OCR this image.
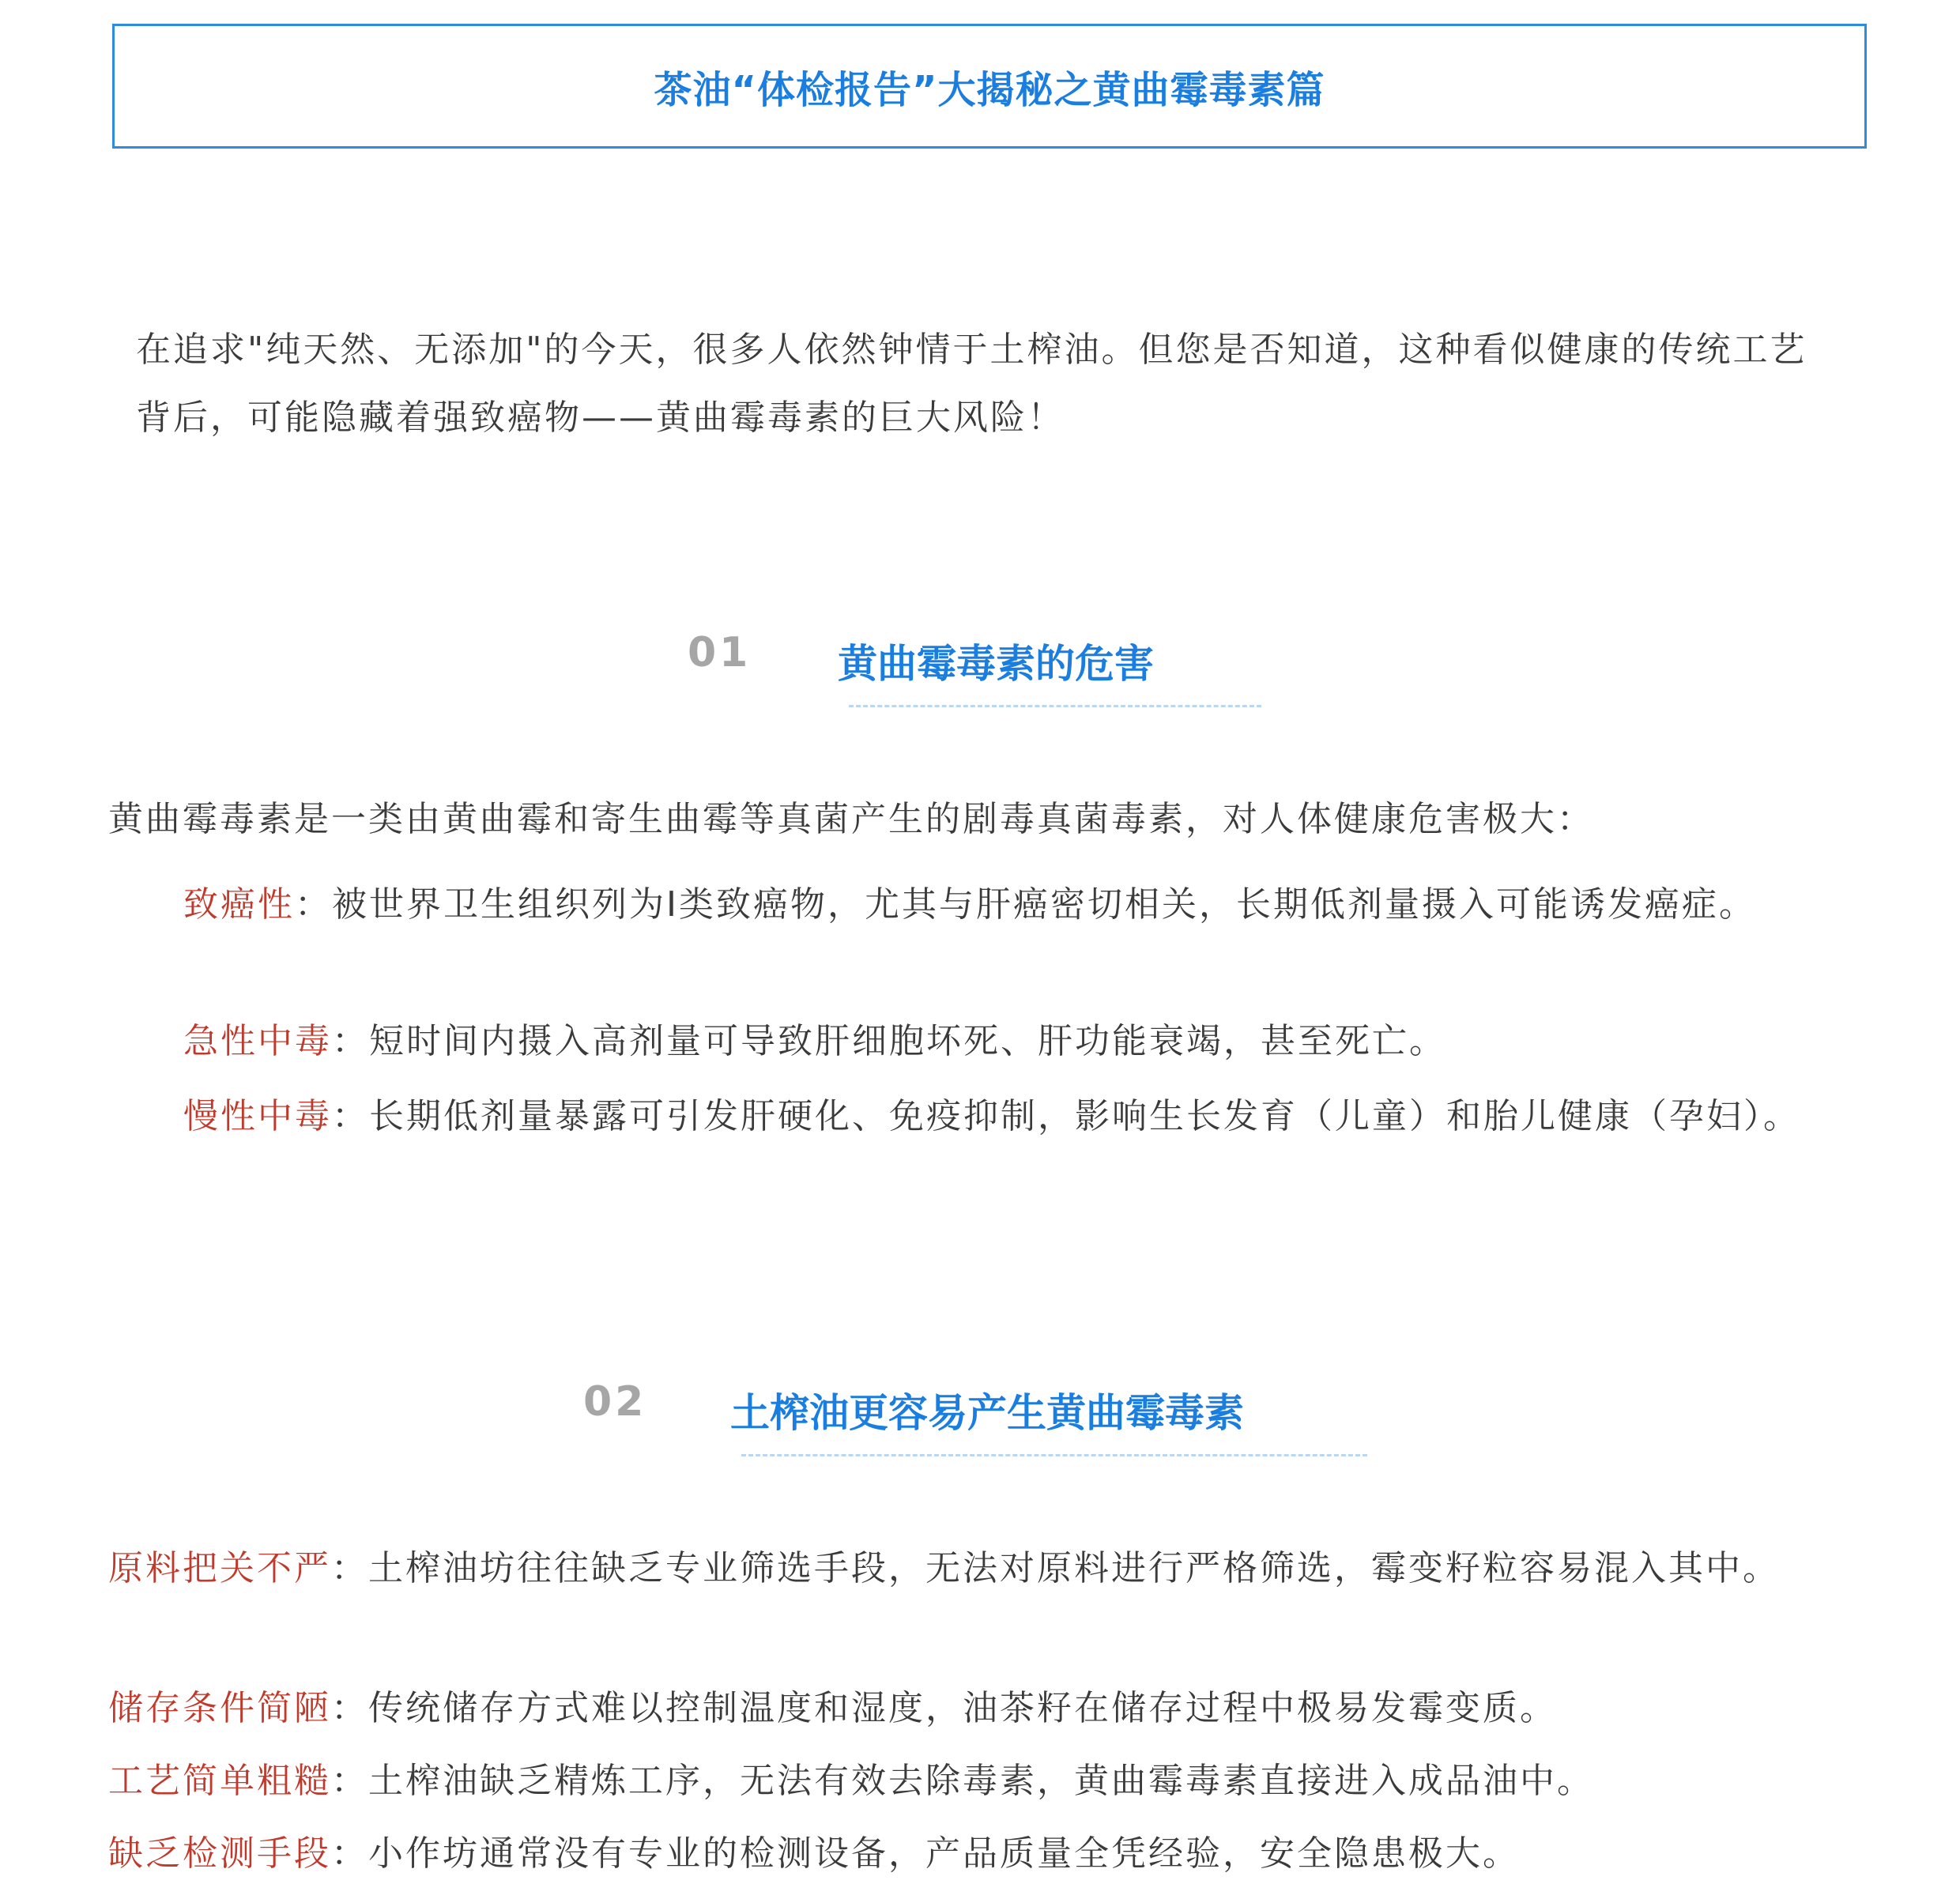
茶油“体检报告”大揭秘之黄曲霉毒素篇
在追求"纯天然、无添加"的今天，很多人依然钟情于土榨油。但您是否知道，这种看似健康的传统工艺背后，可能隐藏着强致癌物——黄曲霉毒素的巨大风险！
01 黄曲霉毒素的危害

黄曲霉毒素是一类由黄曲霉和寄生曲霉等真菌产生的剧毒真菌毒素，对人体健康危害极大：

致癌性：被世界卫生组织列为Ⅰ类致癌物，尤其与肝癌密切相关，长期低剂量摄入可能诱发癌症。

急性中毒：短时间内摄入高剂量可导致肝细胞坏死、肝功能衰竭，甚至死亡。

慢性中毒：长期低剂量暴露可引发肝硬化、免疫抑制，影响生长发育（儿童）和胎儿健康（孕妇）。

02 土榨油更容易产生黄曲霉毒素

原料把关不严：土榨油坊往往缺乏专业筛选手段，无法对原料进行严格筛选，霉变籽粒容易混入其中。

储存条件简陋：传统储存方式难以控制温度和湿度，油茶籽在储存过程中极易发霉变质。

工艺简单粗糙：土榨油缺乏精炼工序，无法有效去除毒素，黄曲霉毒素直接进入成品油中。

缺乏检测手段：小作坊通常没有专业的检测设备，产品质量全凭经验，安全隐患极大。
